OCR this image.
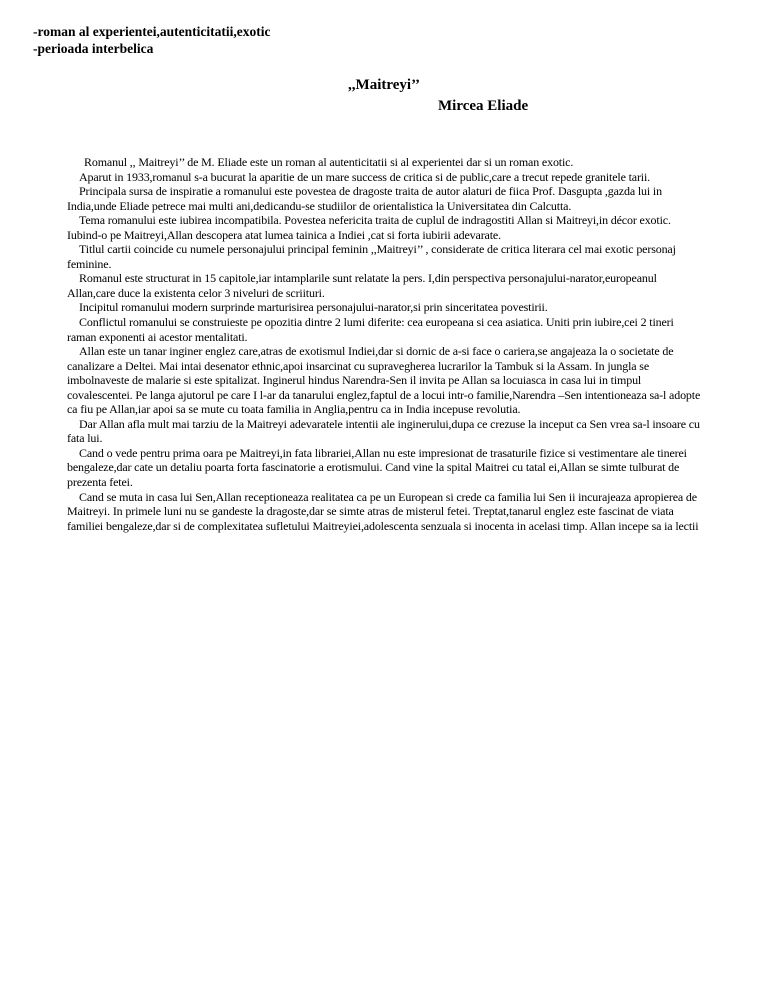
-roman al experientei,autenticitatii,exotic
-perioada interbelica
,,Maitreyi’’
Mircea Eliade

Romanul ,, Maitreyi’’ de M. Eliade este un roman al autenticitatii si al experientei dar si un roman exotic.

Aparut in 1933,romanul s-a bucurat la aparitie de un mare success de critica si de public,care a trecut repede granitele tarii.

Principala sursa de inspiratie a romanului este povestea de dragoste traita de autor alaturi de fiica Prof. Dasgupta ,gazda lui in India,unde Eliade petrece mai multi ani,dedicandu-se studiilor de orientalistica la Universitatea din Calcutta.

Tema romanului este iubirea incompatibila. Povestea nefericita traita de cuplul de indragostiti Allan si Maitreyi,in décor exotic. Iubind-o pe Maitreyi,Allan descopera atat lumea tainica a Indiei ,cat si forta iubirii adevarate.

Titlul cartii coincide cu numele personajului principal feminin ,,Maitreyi’’ , considerate de critica literara cel mai exotic personaj feminine.

Romanul este structurat in 15 capitole,iar intamplarile sunt relatate la pers. I,din perspectiva personajului-narator,europeanul Allan,care duce la existenta celor 3 niveluri de scriituri.

Incipitul romanului modern surprinde marturisirea personajului-narator,si prin sinceritatea povestirii.

Conflictul romanului se construieste pe opozitia dintre 2 lumi diferite: cea europeana si cea asiatica. Uniti prin iubire,cei 2 tineri raman exponenti ai acestor mentalitati.

Allan este un tanar inginer englez care,atras de exotismul Indiei,dar si dornic de a-si face o cariera,se angajeaza la o societate de canalizare a Deltei. Mai intai desenator ethnic,apoi insarcinat cu supravegherea lucrarilor la Tambuk si la Assam. In jungla se imbolnaveste de malarie si este spitalizat. Inginerul hindus Narendra-Sen il invita pe Allan sa locuiasca in casa lui in timpul covalescentei. Pe langa ajutorul pe care I l-ar da tanarului englez,faptul de a locui intr-o familie,Narendra –Sen intentioneaza sa-l adopte ca fiu pe Allan,iar apoi sa se mute cu toata familia in Anglia,pentru ca in India incepuse revolutia.

Dar Allan afla mult mai tarziu de la Maitreyi adevaratele intentii ale inginerului,dupa ce crezuse la inceput ca Sen vrea sa-l insoare cu fata lui.

Cand o vede pentru prima oara pe Maitreyi,in fata librariei,Allan nu este impresionat de trasaturile fizice si vestimentare ale tinerei bengaleze,dar cate un detaliu poarta forta fascinatorie a erotismului. Cand vine la spital Maitrei cu tatal ei,Allan se simte tulburat de prezenta fetei.

Cand se muta in casa lui Sen,Allan receptioneaza realitatea ca pe un European si crede ca familia lui Sen ii incurajeaza apropierea de Maitreyi. In primele luni nu se gandeste la dragoste,dar se simte atras de misterul fetei. Treptat,tanarul englez este fascinat de viata familiei bengaleze,dar si de complexitatea sufletului Maitreyiei,adolescenta senzuala si inocenta in acelasi timp. Allan incepe sa ia lectii
